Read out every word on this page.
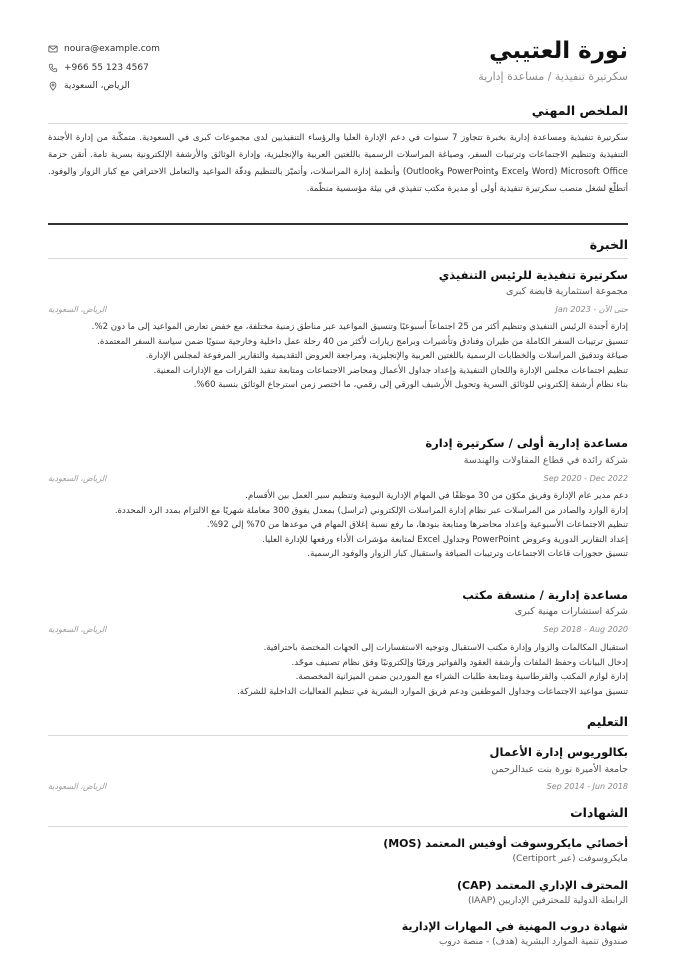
noura@example.com
+966 55 123 4567
الرياض، السعودية
نورة العتيبي
سكرتيرة تنفيذية / مساعدة إدارية
الملخص المهني
سكرتيرة تنفيذية ومساعدة إدارية بخبرة تتجاوز 7 سنوات في دعم الإدارة العليا والرؤساء التنفيذيين لدى مجموعات كبرى في السعودية. متمكّنة من إدارة الأجندة التنفيذية وتنظيم الاجتماعات وترتيبات السفر، وصياغة المراسلات الرسمية باللغتين العربية والإنجليزية، وإدارة الوثائق والأرشفة الإلكترونية بسرية تامة. أتقن حزمة Microsoft Office (Word وExcel وPowerPoint وOutlook) وأنظمة إدارة المراسلات، وأتميّز بالتنظيم ودقّة المواعيد والتعامل الاحترافي مع كبار الزوار والوفود. أتطلّع لشغل منصب سكرتيرة تنفيذية أولى أو مديرة مكتب تنفيذي في بيئة مؤسسية منظّمة.
الخبرة
سكرتيرة تنفيذية للرئيس التنفيذي
مجموعة استثمارية قابضة كبرى
Jan 2023 - حتى الآن
الرياض، السعودية
إدارة أجندة الرئيس التنفيذي وتنظيم أكثر من 25 اجتماعاً أسبوعيًا وتنسيق المواعيد عبر مناطق زمنية مختلفة، مع خفض تعارض المواعيد إلى ما دون 2%.
تنسيق ترتيبات السفر الكاملة من طيران وفنادق وتأشيرات وبرامج زيارات لأكثر من 40 رحلة عمل داخلية وخارجية سنويًا ضمن سياسة السفر المعتمدة.
صياغة وتدقيق المراسلات والخطابات الرسمية باللغتين العربية والإنجليزية، ومراجعة العروض التقديمية والتقارير المرفوعة لمجلس الإدارة.
تنظيم اجتماعات مجلس الإدارة واللجان التنفيذية وإعداد جداول الأعمال ومحاضر الاجتماعات ومتابعة تنفيذ القرارات مع الإدارات المعنية.
بناء نظام أرشفة إلكتروني للوثائق السرية وتحويل الأرشيف الورقي إلى رقمي، ما اختصر زمن استرجاع الوثائق بنسبة 60%.
مساعدة إدارية أولى / سكرتيرة إدارة
شركة رائدة في قطاع المقاولات والهندسة
Sep 2020 - Dec 2022
الرياض، السعودية
دعم مدير عام الإدارة وفريق مكوّن من 30 موظفًا في المهام الإدارية اليومية وتنظيم سير العمل بين الأقسام.
إدارة الوارد والصادر من المراسلات عبر نظام إدارة المراسلات الإلكتروني (تراسل) بمعدل يفوق 300 معاملة شهريًا مع الالتزام بمدد الرد المحددة.
تنظيم الاجتماعات الأسبوعية وإعداد محاضرها ومتابعة بنودها، ما رفع نسبة إغلاق المهام في موعدها من 70% إلى 92%.
إعداد التقارير الدورية وعروض PowerPoint وجداول Excel لمتابعة مؤشرات الأداء ورفعها للإدارة العليا.
تنسيق حجوزات قاعات الاجتماعات وترتيبات الضيافة واستقبال كبار الزوار والوفود الرسمية.
مساعدة إدارية / منسقة مكتب
شركة استشارات مهنية كبرى
Sep 2018 - Aug 2020
الرياض، السعودية
استقبال المكالمات والزوار وإدارة مكتب الاستقبال وتوجيه الاستفسارات إلى الجهات المختصة باحترافية.
إدخال البيانات وحفظ الملفات وأرشفة العقود والفواتير ورقيًا وإلكترونيًا وفق نظام تصنيف موحّد.
إدارة لوازم المكتب والقرطاسية ومتابعة طلبات الشراء مع الموردين ضمن الميزانية المخصصة.
تنسيق مواعيد الاجتماعات وجداول الموظفين ودعم فريق الموارد البشرية في تنظيم الفعاليات الداخلية للشركة.
التعليم
بكالوريوس إدارة الأعمال
جامعة الأميرة نورة بنت عبدالرحمن
Sep 2014 - Jun 2018
الرياض، السعودية
الشهادات
أخصائي مايكروسوفت أوفيس المعتمد (MOS)
مايكروسوفت (عبر Certiport)
المحترف الإداري المعتمد (CAP)
الرابطة الدولية للمحترفين الإداريين (IAAP)
شهادة دروب المهنية في المهارات الإدارية
صندوق تنمية الموارد البشرية (هدف) - منصة دروب
